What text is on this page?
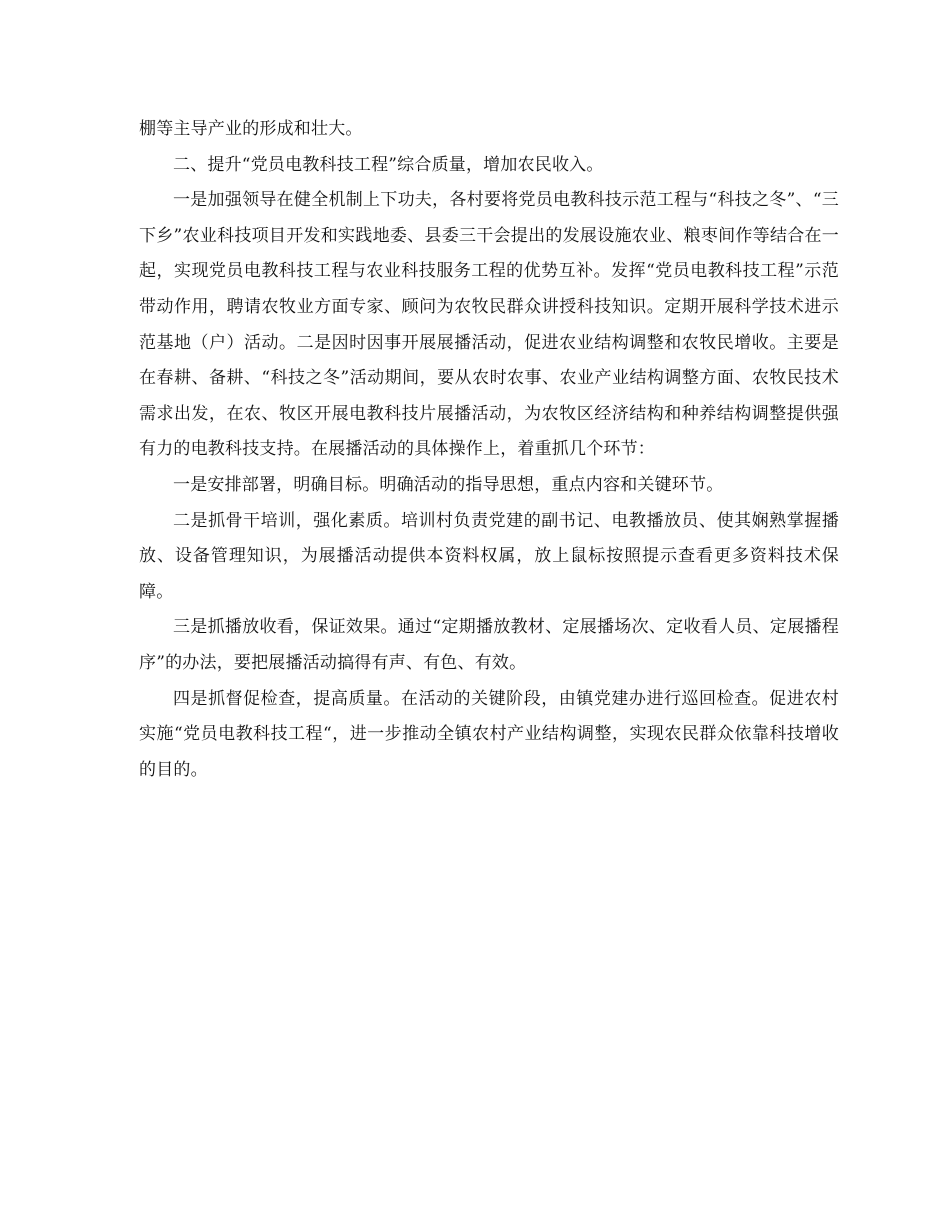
棚等主导产业的形成和壮大。

二、提升“党员电教科技工程”综合质量，增加农民收入。

一是加强领导在健全机制上下功夫，各村要将党员电教科技示范工程与“科技之冬”、“三下乡”农业科技项目开发和实践地委、县委三干会提出的发展设施农业、粮枣间作等结合在一起，实现党员电教科技工程与农业科技服务工程的优势互补。发挥“党员电教科技工程”示范带动作用，聘请农牧业方面专家、顾问为农牧民群众讲授科技知识。定期开展科学技术进示范基地（户）活动。二是因时因事开展展播活动，促进农业结构调整和农牧民增收。主要是在春耕、备耕、“科技之冬”活动期间，要从农时农事、农业产业结构调整方面、农牧民技术需求出发，在农、牧区开展电教科技片展播活动，为农牧区经济结构和种养结构调整提供强有力的电教科技支持。在展播活动的具体操作上，着重抓几个环节：

一是安排部署，明确目标。明确活动的指导思想，重点内容和关键环节。

二是抓骨干培训，强化素质。培训村负责党建的副书记、电教播放员、使其娴熟掌握播放、设备管理知识，为展播活动提供本资料权属，放上鼠标按照提示查看更多资料技术保障。

三是抓播放收看，保证效果。通过“定期播放教材、定展播场次、定收看人员、定展播程序”的办法，要把展播活动搞得有声、有色、有效。

四是抓督促检查，提高质量。在活动的关键阶段，由镇党建办进行巡回检查。促进农村实施“党员电教科技工程“，进一步推动全镇农村产业结构调整，实现农民群众依靠科技增收的目的。
